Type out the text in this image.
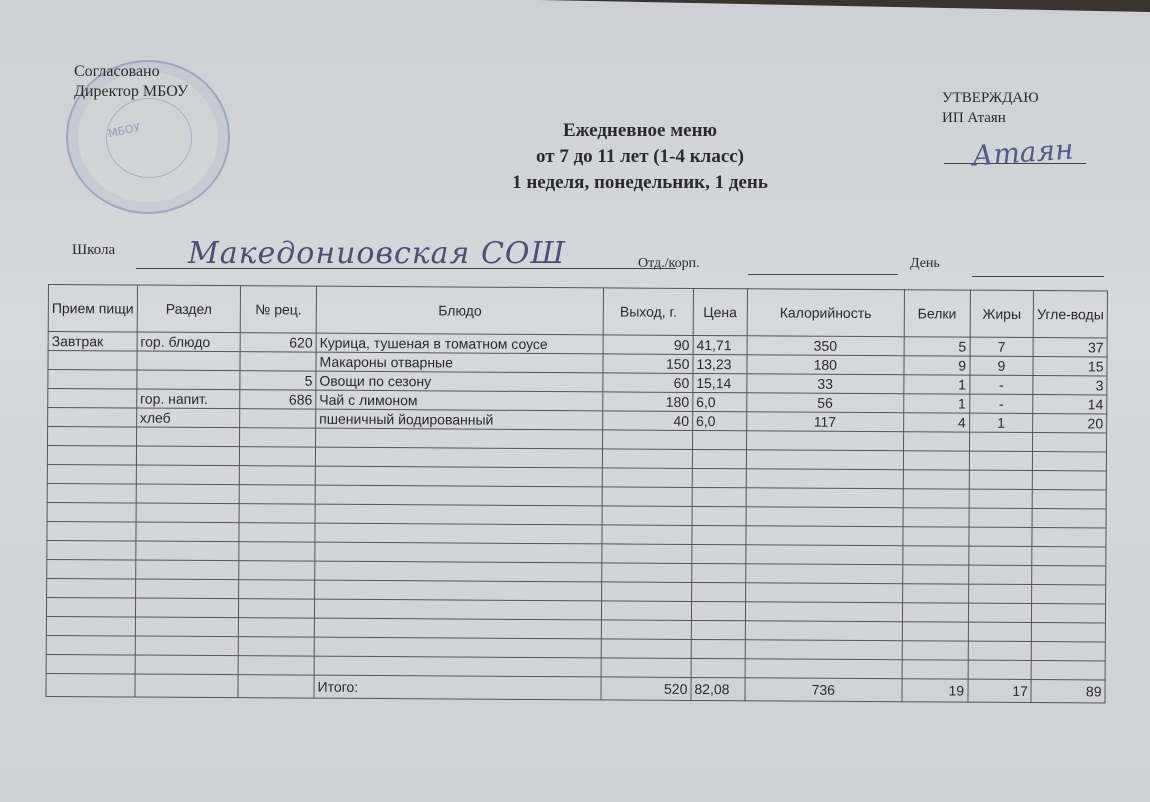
МБОУ
Согласовано
Директор МБОУ	УТВЕРЖДАЮ
ИП Атаян
Атаян
Ежедневное меню
от 7 до 11 лет (1-4 класс)
1 неделя, понедельник, 1 день
Школа Македониовская СОШ	Отд./корп.	День
Прием пищи	Раздел	№ рец.	Блюдо	Выход, г.	Цена	Калорийность	Белки	Жиры	Угле-воды
Завтрак	гор. блюдо	620	Курица, тушеная в томатном соусе	90	41,71	350	5	7	37
			Макароны отварные	150	13,23	180	9	9	15
		5	Овощи по сезону	60	15,14	33	1	-	3
	гор. напит.	686	Чай с лимоном	180	6,0	56	1	-	14
	хлеб		пшеничный йодированный	40	6,0	117	4	1	20

			Итого:	520	82,08	736	19	17	89
